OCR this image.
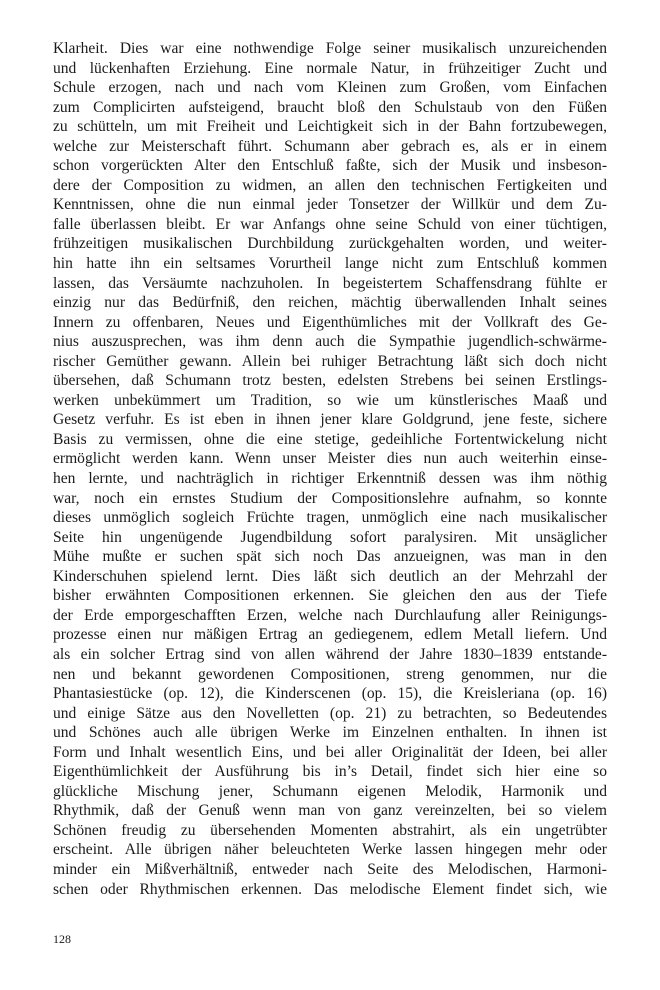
Klarheit. Dies war eine nothwendige Folge seiner musikalisch unzureichenden
und lückenhaften Erziehung. Eine normale Natur, in frühzeitiger Zucht und
Schule erzogen, nach und nach vom Kleinen zum Großen, vom Einfachen
zum Complicirten aufsteigend, braucht bloß den Schulstaub von den Füßen
zu schütteln, um mit Freiheit und Leichtigkeit sich in der Bahn fortzubewegen,
welche zur Meisterschaft führt. Schumann aber gebrach es, als er in einem
schon vorgerückten Alter den Entschluß faßte, sich der Musik und insbeson-
dere der Composition zu widmen, an allen den technischen Fertigkeiten und
Kenntnissen, ohne die nun einmal jeder Tonsetzer der Willkür und dem Zu-
falle überlassen bleibt. Er war Anfangs ohne seine Schuld von einer tüchtigen,
frühzeitigen musikalischen Durchbildung zurückgehalten worden, und weiter-
hin hatte ihn ein seltsames Vorurtheil lange nicht zum Entschluß kommen
lassen, das Versäumte nachzuholen. In begeistertem Schaffensdrang fühlte er
einzig nur das Bedürfniß, den reichen, mächtig überwallenden Inhalt seines
Innern zu offenbaren, Neues und Eigenthümliches mit der Vollkraft des Ge-
nius auszusprechen, was ihm denn auch die Sympathie jugendlich-schwärme-
rischer Gemüther gewann. Allein bei ruhiger Betrachtung läßt sich doch nicht
übersehen, daß Schumann trotz besten, edelsten Strebens bei seinen Erstlings-
werken unbekümmert um Tradition, so wie um künstlerisches Maaß und
Gesetz verfuhr. Es ist eben in ihnen jener klare Goldgrund, jene feste, sichere
Basis zu vermissen, ohne die eine stetige, gedeihliche Fortentwickelung nicht
ermöglicht werden kann. Wenn unser Meister dies nun auch weiterhin einse-
hen lernte, und nachträglich in richtiger Erkenntniß dessen was ihm nöthig
war, noch ein ernstes Studium der Compositionslehre aufnahm, so konnte
dieses unmöglich sogleich Früchte tragen, unmöglich eine nach musikalischer
Seite hin ungenügende Jugendbildung sofort paralysiren. Mit unsäglicher
Mühe mußte er suchen spät sich noch Das anzueignen, was man in den
Kinderschuhen spielend lernt. Dies läßt sich deutlich an der Mehrzahl der
bisher erwähnten Compositionen erkennen. Sie gleichen den aus der Tiefe
der Erde emporgeschafften Erzen, welche nach Durchlaufung aller Reinigungs-
prozesse einen nur mäßigen Ertrag an gediegenem, edlem Metall liefern. Und
als ein solcher Ertrag sind von allen während der Jahre 1830–1839 entstande-
nen und bekannt gewordenen Compositionen, streng genommen, nur die
Phantasiestücke (op. 12), die Kinderscenen (op. 15), die Kreisleriana (op. 16)
und einige Sätze aus den Novelletten (op. 21) zu betrachten, so Bedeutendes
und Schönes auch alle übrigen Werke im Einzelnen enthalten. In ihnen ist
Form und Inhalt wesentlich Eins, und bei aller Originalität der Ideen, bei aller
Eigenthümlichkeit der Ausführung bis in’s Detail, findet sich hier eine so
glückliche Mischung jener, Schumann eigenen Melodik, Harmonik und
Rhythmik, daß der Genuß wenn man von ganz vereinzelten, bei so vielem
Schönen freudig zu übersehenden Momenten abstrahirt, als ein ungetrübter
erscheint. Alle übrigen näher beleuchteten Werke lassen hingegen mehr oder
minder ein Mißverhältniß, entweder nach Seite des Melodischen, Harmoni-
schen oder Rhythmischen erkennen. Das melodische Element findet sich, wie
128
